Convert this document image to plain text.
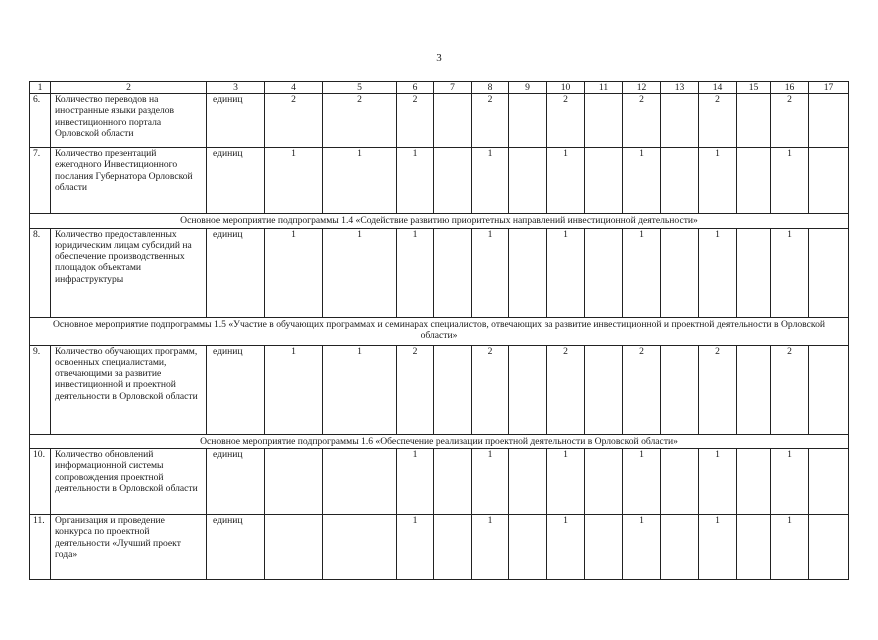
3
1	2	3	4	5	6	7	8	9	10	11	12	13	14	15	16	17
6.	Количество переводов на иностранные языки разделов инвестиционного портала Орловской области	единиц	2	2	2		2		2		2		2		2	
7.	Количество презентаций ежегодного Инвестиционного послания Губернатора Орловской области	единиц	1	1	1		1		1		1		1		1	
Основное мероприятие подпрограммы 1.4 «Содействие развитию приоритетных направлений инвестиционной деятельности»																
8.	Количество предоставленных юридическим лицам субсидий на обеспечение производственных площадок объектами инфраструктуры	единиц	1	1	1		1		1		1		1		1	
Основное мероприятие подпрограммы 1.5 «Участие в обучающих программах и семинарах специалистов, отвечающих за развитие инвестиционной и проектной деятельности в Орловской области»																
9.	Количество обучающих программ, освоенных специалистами, отвечающими за развитие инвестиционной и проектной деятельности в Орловской области	единиц	1	1	2		2		2		2		2		2	
Основное мероприятие подпрограммы 1.6 «Обеспечение реализации проектной деятельности в Орловской области»																
10.	Количество обновлений информационной системы сопровождения проектной деятельности в Орловской области	единиц			1		1		1		1		1		1	
11.	Организация и проведение конкурса по проектной деятельности «Лучший проект года»	единиц			1		1		1		1		1		1	
